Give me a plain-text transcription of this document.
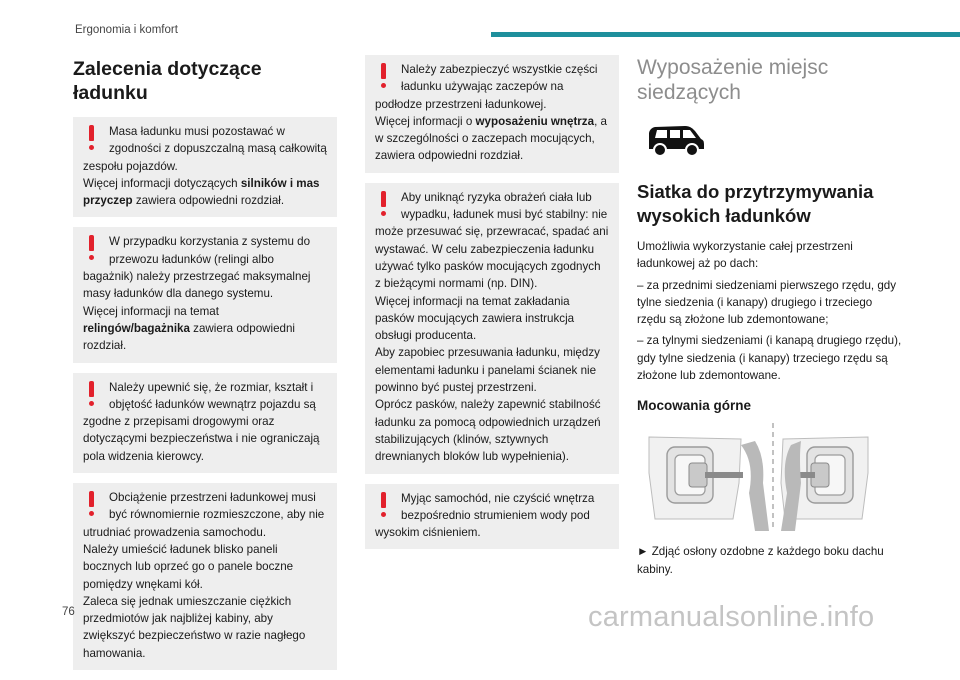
Ergonomia i komfort
Zalecenia dotyczące ładunku

Masa ładunku musi pozostawać w zgodności z dopuszczalną masą całkowitą zespołu pojazdów.

Więcej informacji dotyczących silników i mas przyczep zawiera odpowiedni rozdział.

W przypadku korzystania z systemu do przewozu ładunków (relingi albo bagażnik) należy przestrzegać maksymalnej masy ładunków dla danego systemu.

Więcej informacji na temat relingów/bagażnika zawiera odpowiedni rozdział.

Należy upewnić się, że rozmiar, kształt i objętość ładunków wewnątrz pojazdu są zgodne z przepisami drogowymi oraz dotyczącymi bezpieczeństwa i nie ograniczają pola widzenia kierowcy.

Obciążenie przestrzeni ładunkowej musi być równomiernie rozmieszczone, aby nie utrudniać prowadzenia samochodu.

Należy umieścić ładunek blisko paneli bocznych lub oprzeć go o panele boczne pomiędzy wnękami kół.

Zaleca się jednak umieszczanie ciężkich przedmiotów jak najbliżej kabiny, aby zwiększyć bezpieczeństwo w razie nagłego hamowania.

Należy zabezpieczyć wszystkie części ładunku używając zaczepów na podłodze przestrzeni ładunkowej.

Więcej informacji o wyposażeniu wnętrza, a w szczególności o zaczepach mocujących, zawiera odpowiedni rozdział.

Aby uniknąć ryzyka obrażeń ciała lub wypadku, ładunek musi być stabilny: nie może przesuwać się, przewracać, spadać ani wystawać. W celu zabezpieczenia ładunku używać tylko pasków mocujących zgodnych z bieżącymi normami (np. DIN).

Więcej informacji na temat zakładania pasków mocujących zawiera instrukcja obsługi producenta.

Aby zapobiec przesuwania ładunku, między elementami ładunku i panelami ścianek nie powinno być pustej przestrzeni.

Oprócz pasków, należy zapewnić stabilność ładunku za pomocą odpowiednich urządzeń stabilizujących (klinów, sztywnych drewnianych bloków lub wypełnienia).

Myjąc samochód, nie czyścić wnętrza bezpośrednio strumieniem wody pod wysokim ciśnieniem.

Wyposażenie miejsc siedzących
Siatka do przytrzymywania wysokich ładunków

Umożliwia wykorzystanie całej przestrzeni ładunkowej aż po dach:

– za przednimi siedzeniami pierwszego rzędu, gdy tylne siedzenia (i kanapy) drugiego i trzeciego rzędu są złożone lub zdemontowane;

– za tylnymi siedzeniami (i kanapą drugiego rzędu), gdy tylne siedzenia (i kanapy) trzeciego rzędu są złożone lub zdemontowane.

Mocowania górne

► Zdjąć osłony ozdobne z każdego boku dachu kabiny.

76	carmanualsonline.info
